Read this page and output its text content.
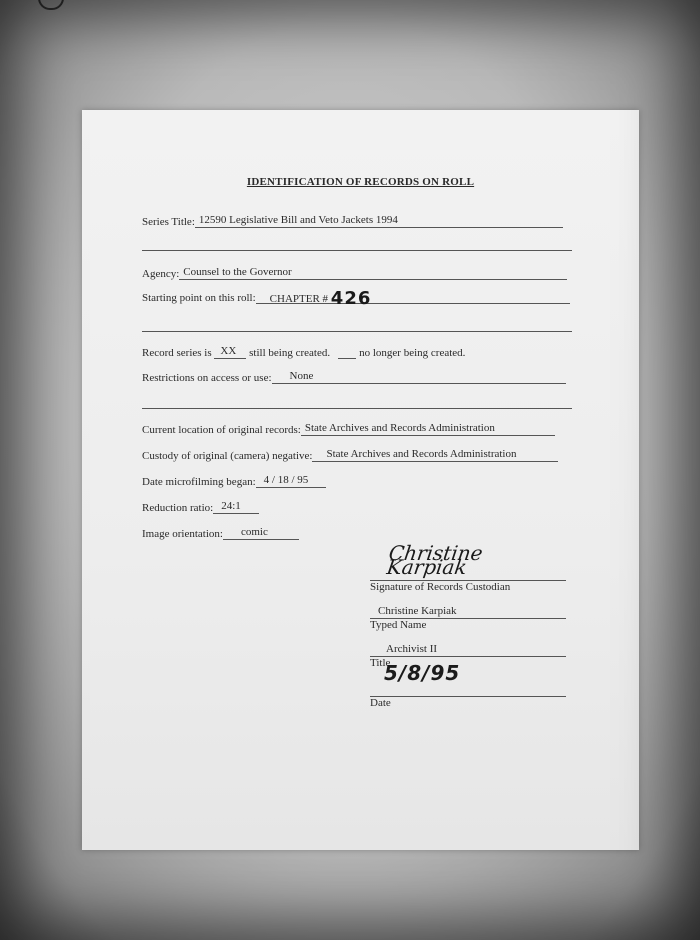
IDENTIFICATION OF RECORDS ON ROLL
Series Title: 12590 Legislative Bill and Veto Jackets 1994
Agency: Counsel to the Governor
Starting point on this roll: CHAPTER # 426
Record series is XX still being created.	no longer being created.
Restrictions on access or use: None
Current location of original records: State Archives and Records Administration
Custody of original (camera) negative: State Archives and Records Administration
Date microfilming began: 4 / 18 / 95
Reduction ratio: 24:1
Image orientation: comic
Christine Karpiak
Signature of Records Custodian
Christine Karpiak
Typed Name
Archivist II
Title
5/8/95
Date
